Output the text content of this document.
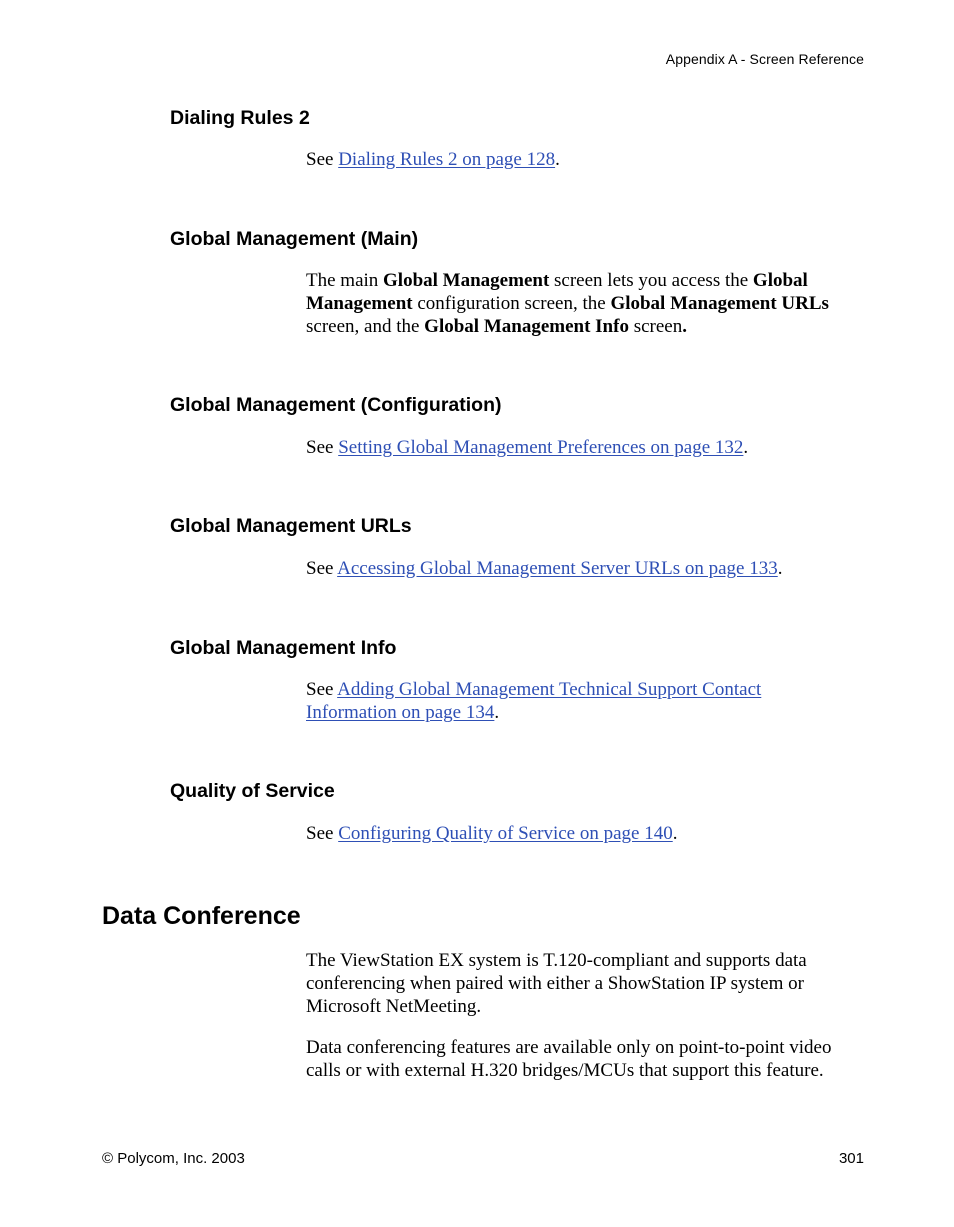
Appendix A - Screen Reference
Dialing Rules 2

See Dialing Rules 2 on page 128.

Global Management (Main)

The main Global Management screen lets you access the Global Management configuration screen, the Global Management URLs screen, and the Global Management Info screen.

Global Management (Configuration)

See Setting Global Management Preferences on page 132.

Global Management URLs

See Accessing Global Management Server URLs on page 133.

Global Management Info

See Adding Global Management Technical Support Contact Information on page 134.

Quality of Service

See Configuring Quality of Service on page 140.

Data Conference

The ViewStation EX system is T.120-compliant and supports data conferencing when paired with either a ShowStation IP system or Microsoft NetMeeting.

Data conferencing features are available only on point-to-point video calls or with external H.320 bridges/MCUs that support this feature.

© Polycom, Inc. 2003	301
